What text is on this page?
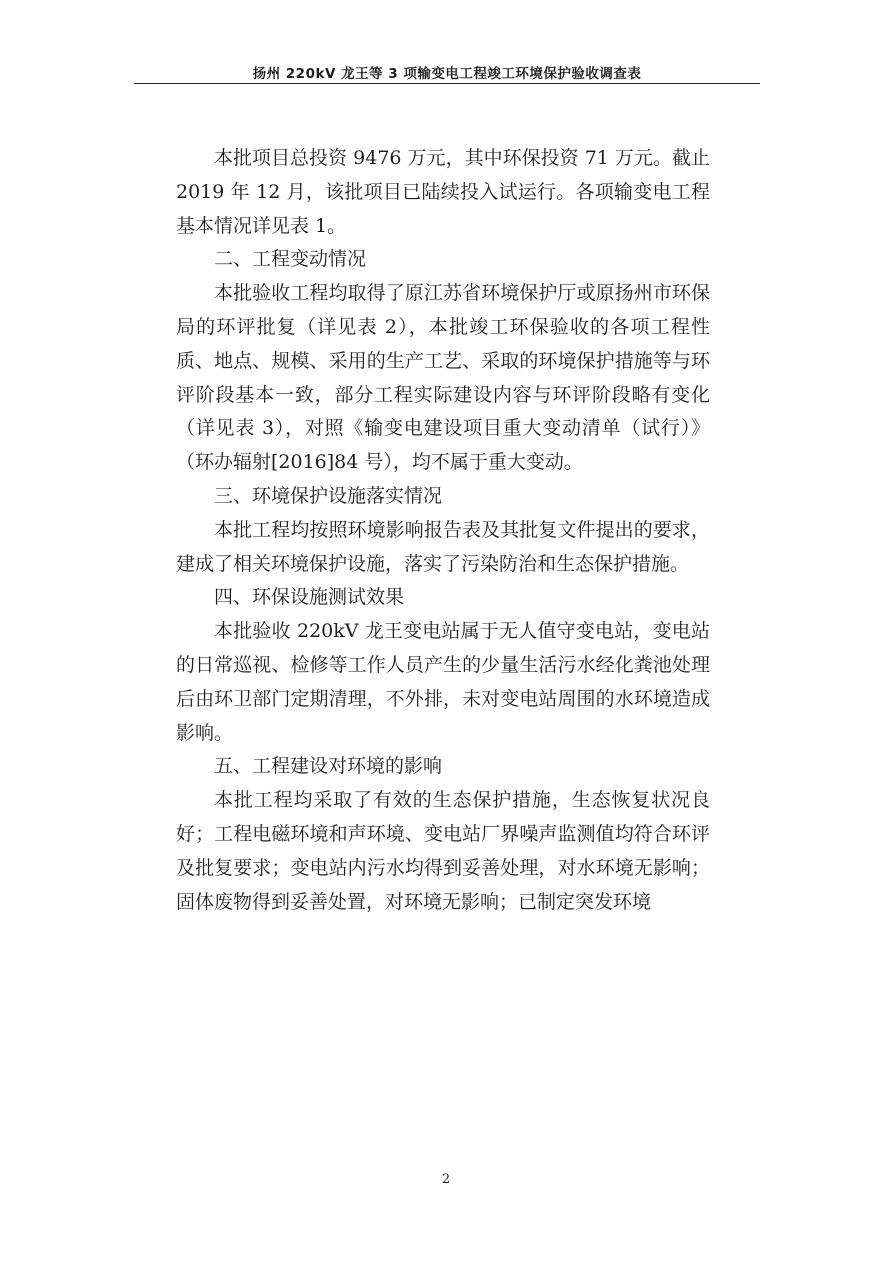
扬州 220kV 龙王等 3 项输变电工程竣工环境保护验收调查表

本批项目总投资 9476 万元，其中环保投资 71 万元。截止 2019 年 12 月，该批项目已陆续投入试运行。各项输变电工程基本情况详见表 1。

二、工程变动情况

本批验收工程均取得了原江苏省环境保护厅或原扬州市环保局的环评批复（详见表 2），本批竣工环保验收的各项工程性质、地点、规模、采用的生产工艺、采取的环境保护措施等与环评阶段基本一致，部分工程实际建设内容与环评阶段略有变化（详见表 3），对照《输变电建设项目重大变动清单（试行）》（环办辐射[2016]84 号），均不属于重大变动。

三、环境保护设施落实情况

本批工程均按照环境影响报告表及其批复文件提出的要求，建成了相关环境保护设施，落实了污染防治和生态保护措施。

四、环保设施测试效果

本批验收 220kV 龙王变电站属于无人值守变电站，变电站的日常巡视、检修等工作人员产生的少量生活污水经化粪池处理后由环卫部门定期清理，不外排，未对变电站周围的水环境造成影响。

五、工程建设对环境的影响

本批工程均采取了有效的生态保护措施，生态恢复状况良好；工程电磁环境和声环境、变电站厂界噪声监测值均符合环评及批复要求；变电站内污水均得到妥善处理，对水环境无影响；固体废物得到妥善处置，对环境无影响；已制定突发环境

2
